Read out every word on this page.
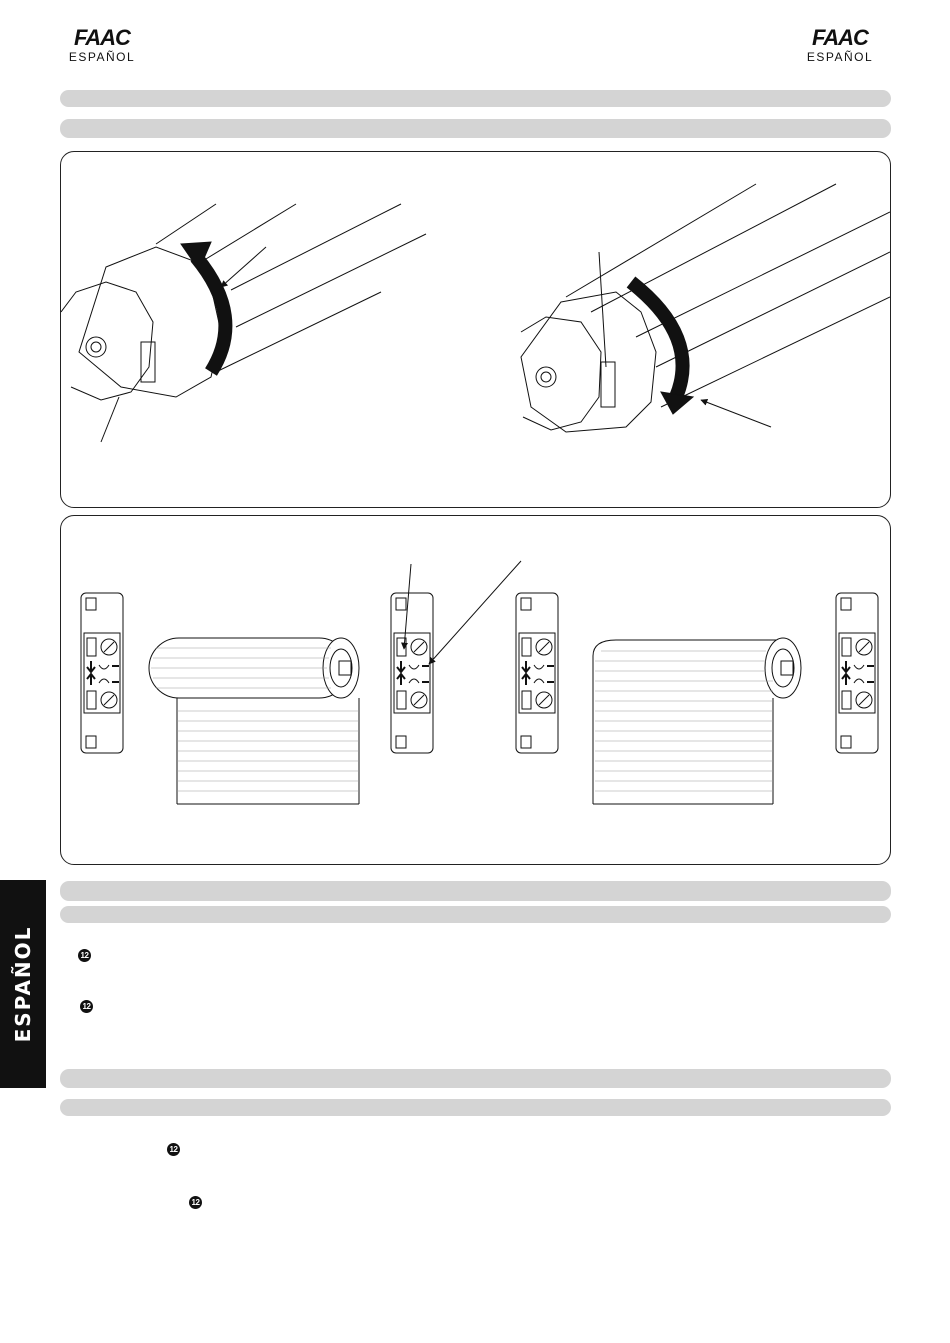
FAAC
ESPAÑOL
FAAC
ESPAÑOL
ESPAÑOL	12
12
12
12
